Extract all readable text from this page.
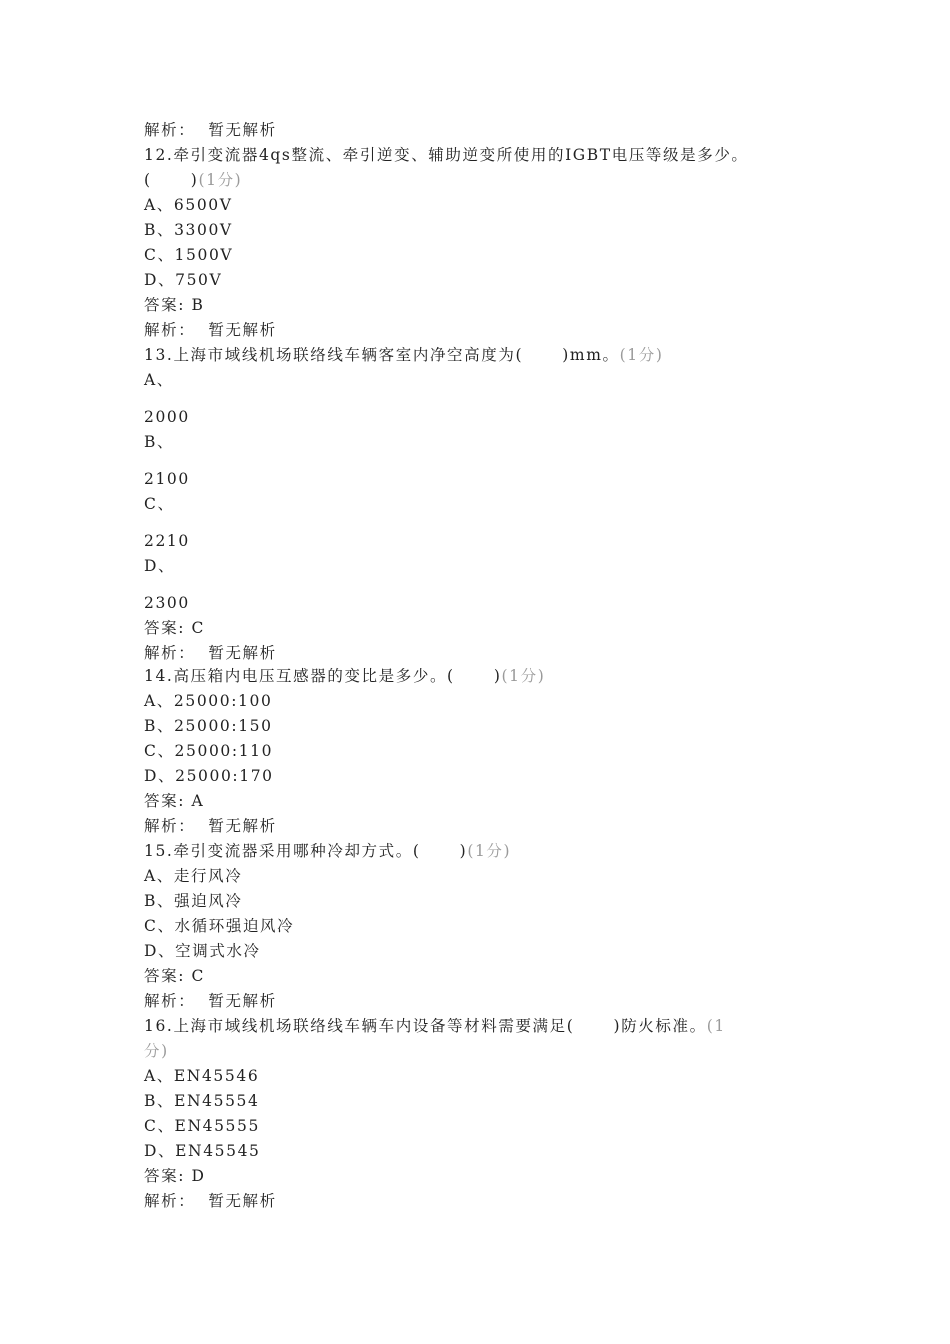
解析：  暂无解析
12.牵引变流器4qs整流、牵引逆变、辅助逆变所使用的IGBT电压等级是多少。
(      )(1分)
A、6500V
B、3300V
C、1500V
D、750V
答案: B
解析：  暂无解析
13.上海市域线机场联络线车辆客室内净空高度为(      )mm。(1分)
A、
2000
B、
2100
C、
2210
D、
2300
答案: C
解析：  暂无解析
14.高压箱内电压互感器的变比是多少。(      )(1分)
A、25000:100
B、25000:150
C、25000:110
D、25000:170
答案: A
解析：  暂无解析
15.牵引变流器采用哪种冷却方式。(      )(1分)
A、走行风冷
B、强迫风冷
C、水循环强迫风冷
D、空调式水冷
答案: C
解析：  暂无解析
16.上海市域线机场联络线车辆车内设备等材料需要满足(      )防火标准。(1
分)
A、EN45546
B、EN45554
C、EN45555
D、EN45545
答案: D
解析：  暂无解析
